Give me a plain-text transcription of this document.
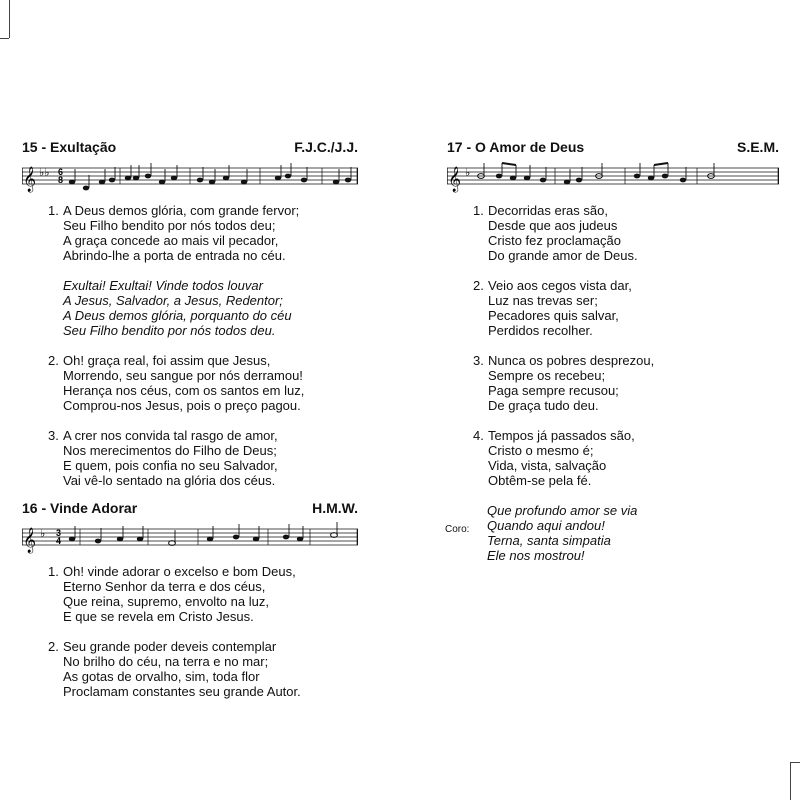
15 - Exultação	F.J.C./J.J.
𝄞 ♭♭ 6
8
1. A Deus demos glória, com grande fervor;
Seu Filho bendito por nós todos deu;
A graça concede ao mais vil pecador,
Abrindo-lhe a porta de entrada no céu.
Exultai! Exultai! Vinde todos louvar
A Jesus, Salvador, a Jesus, Redentor;
A Deus demos glória, porquanto do céu
Seu Filho bendito por nós todos deu.
2. Oh! graça real, foi assim que Jesus,
Morrendo, seu sangue por nós derramou!
Herança nos céus, com os santos em luz,
Comprou-nos Jesus, pois o preço pagou.
3. A crer nos convida tal rasgo de amor,
Nos merecimentos do Filho de Deus;
E quem, pois confia no seu Salvador,
Vai vê-lo sentado na glória dos céus.
16 - Vinde Adorar	H.M.W.
𝄞 ♭ 3
4
1. Oh! vinde adorar o excelso e bom Deus,
Eterno Senhor da terra e dos céus,
Que reina, supremo, envolto na luz,
E que se revela em Cristo Jesus.
2. Seu grande poder deveis contemplar
No brilho do céu, na terra e no mar;
As gotas de orvalho, sim, toda flor
Proclamam constantes seu grande Autor.
17 - O Amor de Deus	S.E.M.
𝄞 ♭
1. Decorridas eras são,
Desde que aos judeus
Cristo fez proclamação
Do grande amor de Deus.
2. Veio aos cegos vista dar,
Luz nas trevas ser;
Pecadores quis salvar,
Perdidos recolher.
3. Nunca os pobres desprezou,
Sempre os recebeu;
Paga sempre recusou;
De graça tudo deu.
4. Tempos já passados são,
Cristo o mesmo é;
Vida, vista, salvação
Obtêm-se pela fé.
Coro:
Que profundo amor se via
Quando aqui andou!
Terna, santa simpatia
Ele nos mostrou!
